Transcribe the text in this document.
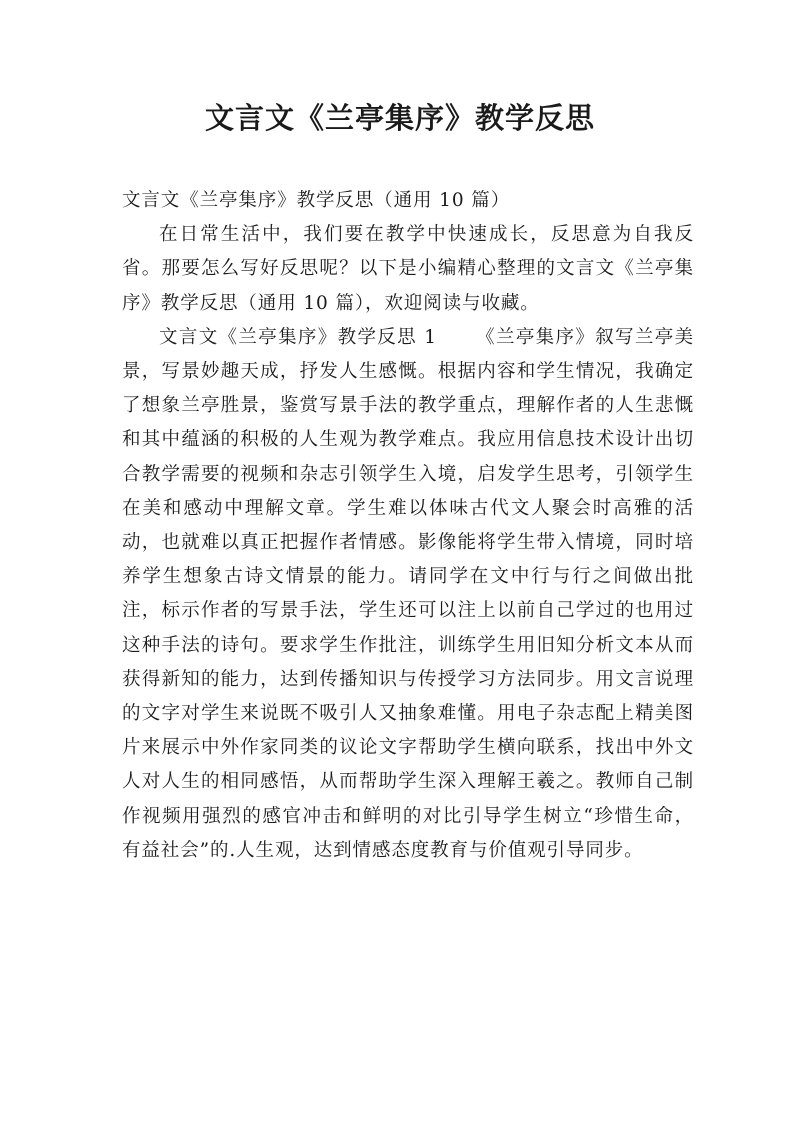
文言文《兰亭集序》教学反思

文言文《兰亭集序》教学反思（通用 10 篇）

在日常生活中，我们要在教学中快速成长，反思意为自我反省。那要怎么写好反思呢？以下是小编精心整理的文言文《兰亭集序》教学反思（通用 10 篇），欢迎阅读与收藏。

文言文《兰亭集序》教学反思 1   《兰亭集序》叙写兰亭美景，写景妙趣天成，抒发人生感慨。根据内容和学生情况，我确定了想象兰亭胜景，鉴赏写景手法的教学重点，理解作者的人生悲慨和其中蕴涵的积极的人生观为教学难点。我应用信息技术设计出切合教学需要的视频和杂志引领学生入境，启发学生思考，引领学生在美和感动中理解文章。学生难以体味古代文人聚会时高雅的活动，也就难以真正把握作者情感。影像能将学生带入情境，同时培养学生想象古诗文情景的能力。请同学在文中行与行之间做出批注，标示作者的写景手法，学生还可以注上以前自己学过的也用过这种手法的诗句。要求学生作批注，训练学生用旧知分析文本从而获得新知的能力，达到传播知识与传授学习方法同步。用文言说理的文字对学生来说既不吸引人又抽象难懂。用电子杂志配上精美图片来展示中外作家同类的议论文字帮助学生横向联系，找出中外文人对人生的相同感悟，从而帮助学生深入理解王羲之。教师自己制作视频用强烈的感官冲击和鲜明的对比引导学生树立“珍惜生命，有益社会”的.人生观，达到情感态度教育与价值观引导同步。
